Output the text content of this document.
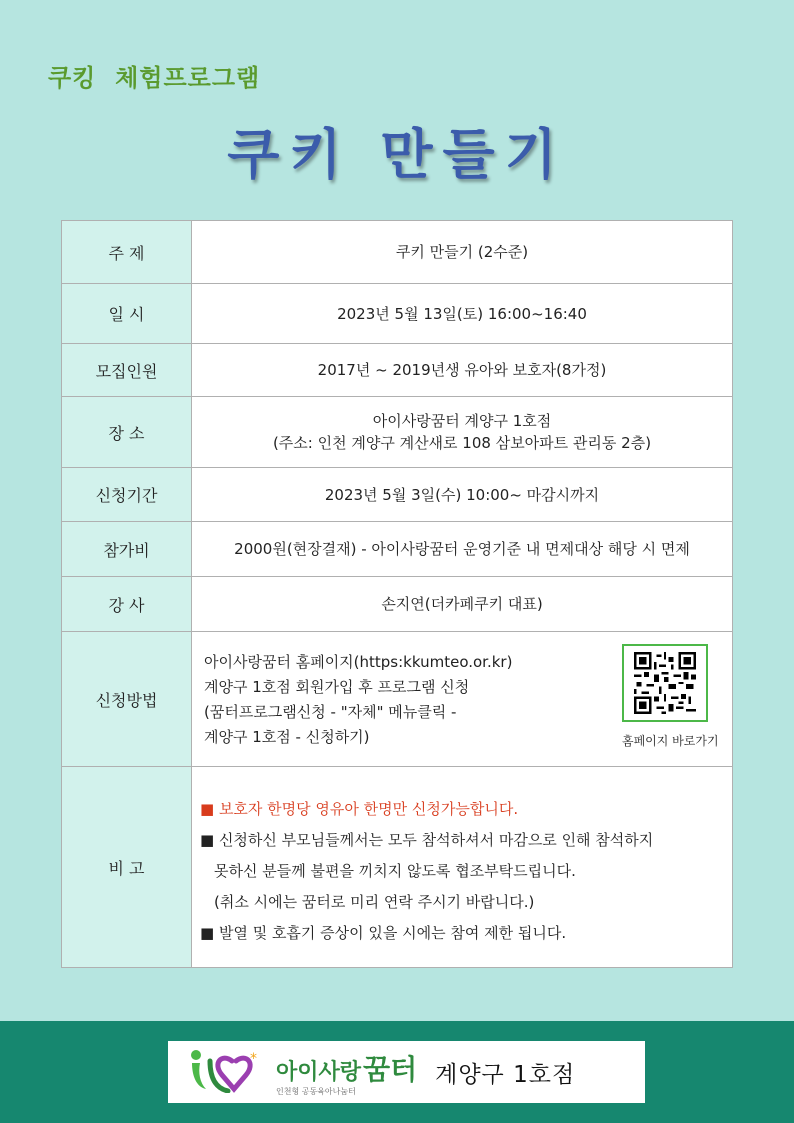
쿠킹  체험프로그램
쿠키 만들기
주 제	쿠키 만들기 (2수준)
일 시	2023년 5월 13일(토) 16:00~16:40
모집인원	2017년 ~ 2019년생 유아와 보호자(8가정)
장 소	아이사랑꿈터 계양구 1호점
(주소: 인천 계양구 계산새로 108 삼보아파트 관리동 2층)

신청기간	2023년 5월 3일(수) 10:00~ 마감시까지
참가비	2000원(현장결재) - 아이사랑꿈터 운영기준 내 면제대상 해당 시 면제
강 사	손지연(더카페쿠키 대표)
신청방법	아이사랑꿈터 홈페이지(https:kkumteo.or.kr)
계양구 1호점 회원가입 후 프로그램 신청
(꿈터프로그램신청 - "자체" 메뉴클릭 -
계양구 1호점 - 신청하기) 홈페이지 바로가기

비 고	■ 보호자 한명당 영유아 한명만 신청가능합니다.
■ 신청하신 부모님들께서는 모두 참석하셔서 마감으로 인해 참석하지
못하신 분들께 불편을 끼치지 않도록 협조부탁드립니다.
(취소 시에는 꿈터로 미리 연락 주시기 바랍니다.)
■ 발열 및 호흡기 증상이 있을 시에는 참여 제한 됩니다.
*
아이사랑 꿈터
인천형 공동육아나눔터
계양구 1호점
